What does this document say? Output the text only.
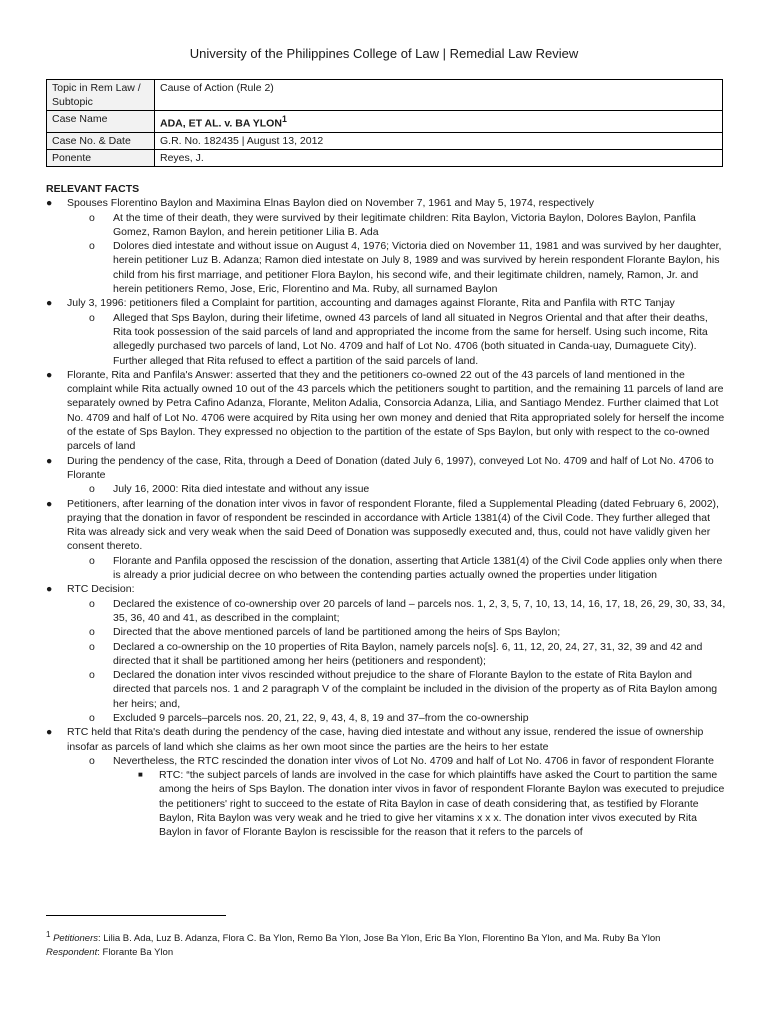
University of the Philippines College of Law | Remedial Law Review
Topic in Rem Law / Subtopic	Cause of Action (Rule 2)
Case Name	ADA, ET AL. v. BA YLON$^1$
Case No. & Date	G.R. No. 182435 | August 13, 2012
Ponente	Reyes, J.
RELEVANT FACTS
● Spouses Florentino Baylon and Maximina Elnas Baylon died on November 7, 1961 and May 5, 1974, respectively
o At the time of their death, they were survived by their legitimate children: Rita Baylon, Victoria Baylon, Dolores Baylon, Panfila Gomez, Ramon Baylon, and herein petitioner Lilia B. Ada
o Dolores died intestate and without issue on August 4, 1976; Victoria died on November 11, 1981 and was survived by her daughter, herein petitioner Luz B. Adanza; Ramon died intestate on July 8, 1989 and was survived by herein respondent Florante Baylon, his child from his first marriage, and petitioner Flora Baylon, his second wife, and their legitimate children, namely, Ramon, Jr. and herein petitioners Remo, Jose, Eric, Florentino and Ma. Ruby, all surnamed Baylon
● July 3, 1996: petitioners filed a Complaint for partition, accounting and damages against Florante, Rita and Panfila with RTC Tanjay
o Alleged that Sps Baylon, during their lifetime, owned 43 parcels of land all situated in Negros Oriental and that after their deaths, Rita took possession of the said parcels of land and appropriated the income from the same for herself. Using such income, Rita allegedly purchased two parcels of land, Lot No. 4709 and half of Lot No. 4706 (both situated in Canda-uay, Dumaguete City). Further alleged that Rita refused to effect a partition of the said parcels of land.
● Florante, Rita and Panfila's Answer: asserted that they and the petitioners co-owned 22 out of the 43 parcels of land mentioned in the complaint while Rita actually owned 10 out of the 43 parcels which the petitioners sought to partition, and the remaining 11 parcels of land are separately owned by Petra Cafino Adanza, Florante, Meliton Adalia, Consorcia Adanza, Lilia, and Santiago Mendez. Further claimed that Lot No. 4709 and half of Lot No. 4706 were acquired by Rita using her own money and denied that Rita appropriated solely for herself the income of the estate of Sps Baylon. They expressed no objection to the partition of the estate of Sps Baylon, but only with respect to the co-owned parcels of land
● During the pendency of the case, Rita, through a Deed of Donation (dated July 6, 1997), conveyed Lot No. 4709 and half of Lot No. 4706 to Florante
o July 16, 2000: Rita died intestate and without any issue
● Petitioners, after learning of the donation inter vivos in favor of respondent Florante, filed a Supplemental Pleading (dated February 6, 2002), praying that the donation in favor of respondent be rescinded in accordance with Article 1381(4) of the Civil Code. They further alleged that Rita was already sick and very weak when the said Deed of Donation was supposedly executed and, thus, could not have validly given her consent thereto.
o Florante and Panfila opposed the rescission of the donation, asserting that Article 1381(4) of the Civil Code applies only when there is already a prior judicial decree on who between the contending parties actually owned the properties under litigation
● RTC Decision:
o Declared the existence of co-ownership over 20 parcels of land – parcels nos. 1, 2, 3, 5, 7, 10, 13, 14, 16, 17, 18, 26, 29, 30, 33, 34, 35, 36, 40 and 41, as described in the complaint;
o Directed that the above mentioned parcels of land be partitioned among the heirs of Sps Baylon;
o Declared a co-ownership on the 10 properties of Rita Baylon, namely parcels no[s]. 6, 11, 12, 20, 24, 27, 31, 32, 39 and 42 and directed that it shall be partitioned among her heirs (petitioners and respondent);
o Declared the donation inter vivos rescinded without prejudice to the share of Florante Baylon to the estate of Rita Baylon and directed that parcels nos. 1 and 2 paragraph V of the complaint be included in the division of the property as of Rita Baylon among her heirs; and,
o Excluded 9 parcels–parcels nos. 20, 21, 22, 9, 43, 4, 8, 19 and 37–from the co-ownership
● RTC held that Rita's death during the pendency of the case, having died intestate and without any issue, rendered the issue of ownership insofar as parcels of land which she claims as her own moot since the parties are the heirs to her estate
o Nevertheless, the RTC rescinded the donation inter vivos of Lot No. 4709 and half of Lot No. 4706 in favor of respondent Florante
■ RTC: “the subject parcels of lands are involved in the case for which plaintiffs have asked the Court to partition the same among the heirs of Sps Baylon. The donation inter vivos in favor of respondent Florante Baylon was executed to prejudice the petitioners' right to succeed to the estate of Rita Baylon in case of death considering that, as testified by Florante Baylon, Rita Baylon was very weak and he tried to give her vitamins x x x. The donation inter vivos executed by Rita Baylon in favor of Florante Baylon is rescissible for the reason that it refers to the parcels of
$^1$ Petitioners: Lilia B. Ada, Luz B. Adanza, Flora C. Ba Ylon, Remo Ba Ylon, Jose Ba Ylon, Eric Ba Ylon, Florentino Ba Ylon, and Ma. Ruby Ba Ylon
Respondent: Florante Ba Ylon
